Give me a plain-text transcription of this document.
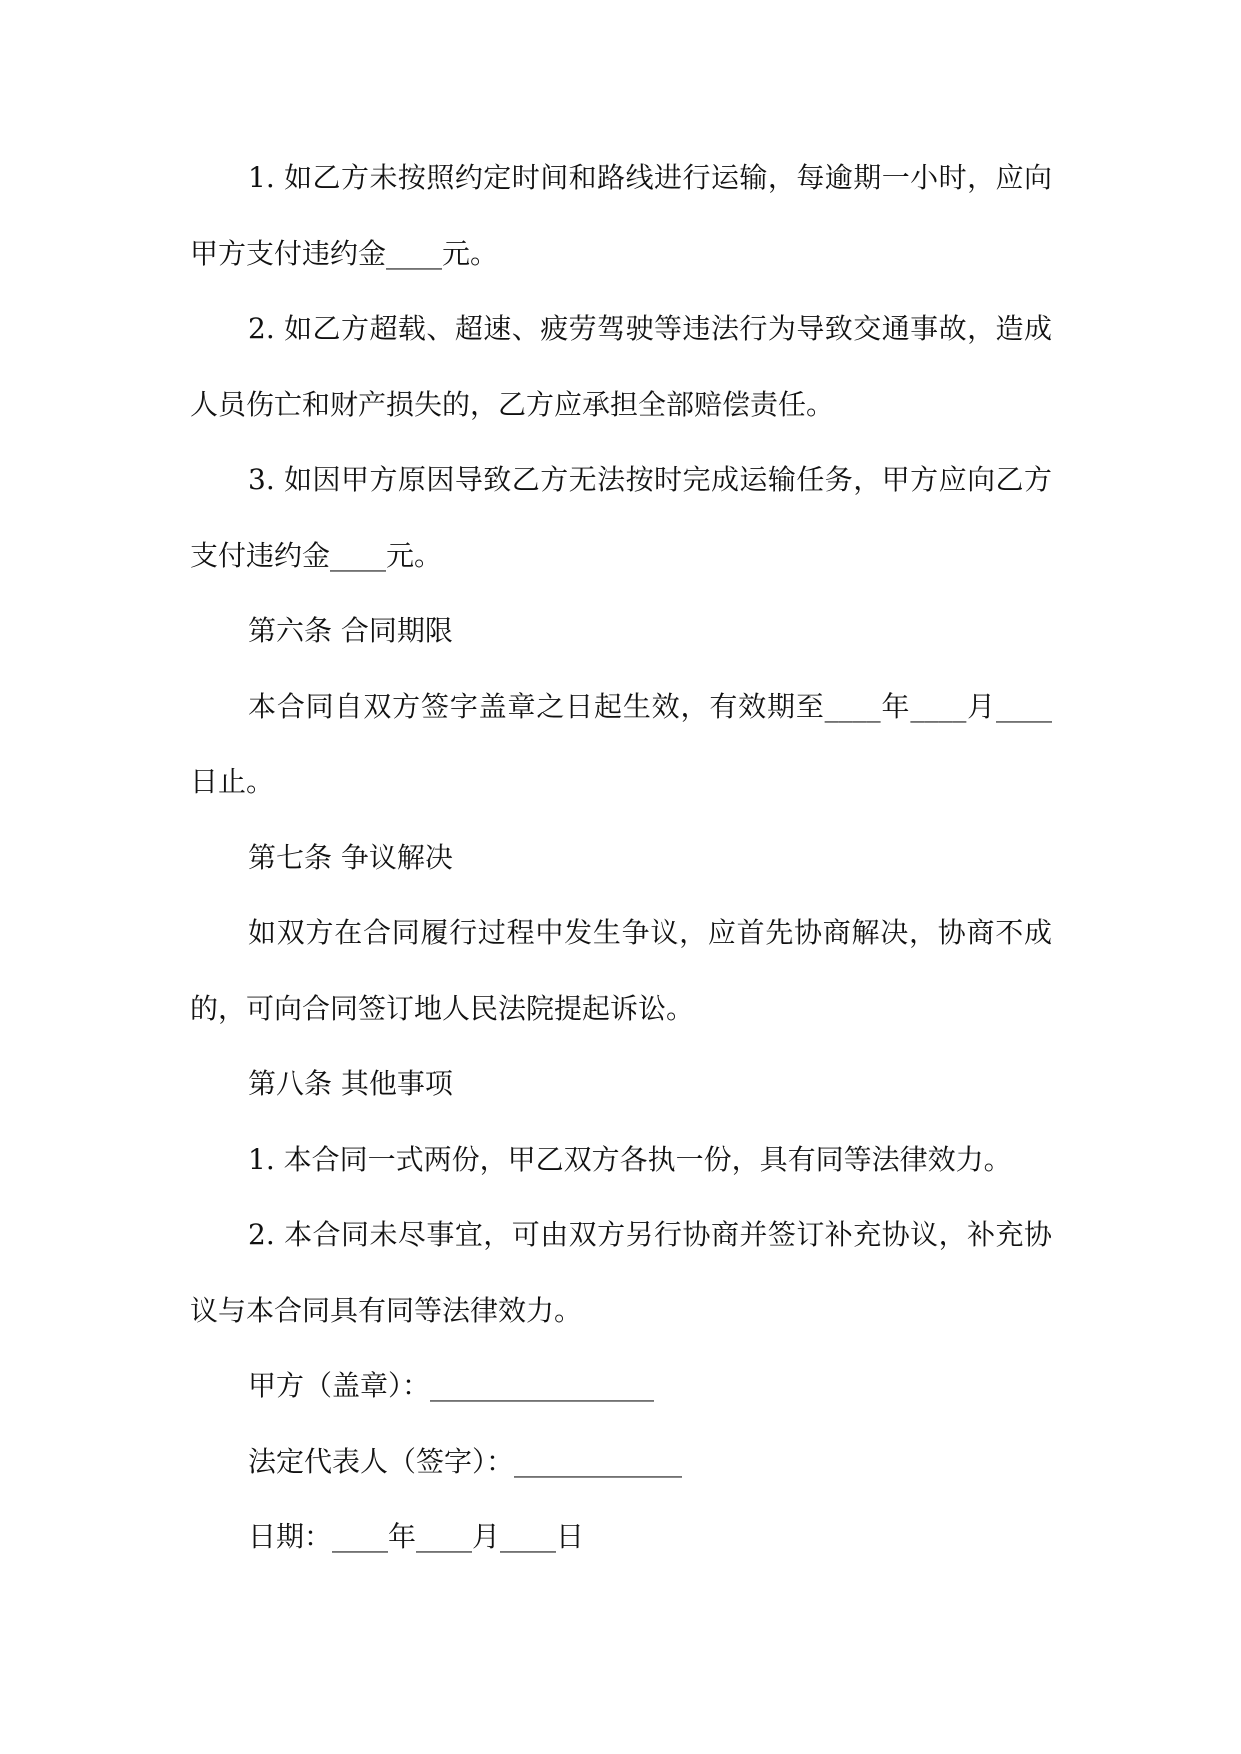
1. 如乙方未按照约定时间和路线进行运输，每逾期一小时，应向甲方支付违约金____元。

2. 如乙方超载、超速、疲劳驾驶等违法行为导致交通事故，造成人员伤亡和财产损失的，乙方应承担全部赔偿责任。

3. 如因甲方原因导致乙方无法按时完成运输任务，甲方应向乙方支付违约金____元。

第六条 合同期限

本合同自双方签字盖章之日起生效，有效期至____年____月____日止。

第七条 争议解决

如双方在合同履行过程中发生争议，应首先协商解决，协商不成的，可向合同签订地人民法院提起诉讼。

第八条 其他事项

1. 本合同一式两份，甲乙双方各执一份，具有同等法律效力。

2. 本合同未尽事宜，可由双方另行协商并签订补充协议，补充协议与本合同具有同等法律效力。

甲方（盖章）：________________

法定代表人（签字）：____________

日期：____年____月____日
